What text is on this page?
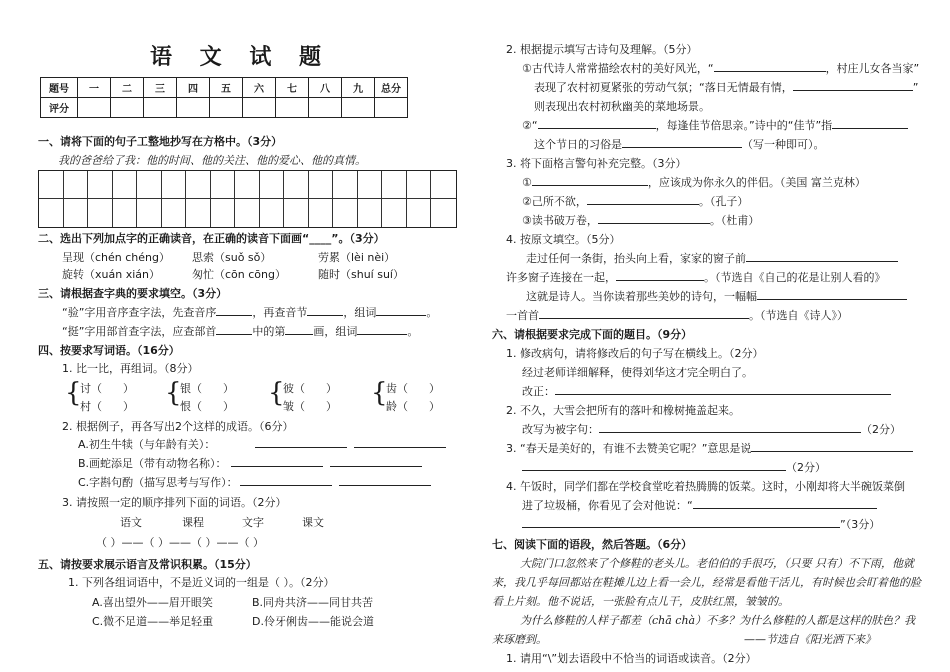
语 文 试 题
题号	一	二	三	四	五	六	七	八	九	总分
评分										
一、请将下面的句子工整地抄写在方格中。（3分）
我的爸爸给了我：他的时间、他的关注、他的爱心、他的真情。
二、选出下列加点字的正确读音，在正确的读音下面画“____”。（3分）
呈现（chén chéng） 思索（suǒ sǒ）	劳累（lèi nèi）
旋转（xuán xián）	匆忙（cōn cōng）	随时（shuí suí）
三、请根据查字典的要求填空。（3分）
“验”字用音序查字法，先查音序	，再查音节	，组词	。
“挺”字用部首查字法，应查部首	中的第	画，组词	。
四、按要求写词语。（16分）
1. 比一比，再组词。（8分）
{
讨（ ）
村（ ） {
银（ ）
恨（ ） {
彼（ ）
皱（ ） {
齿（ ）
龄（ ）
2. 根据例子，再各写出2个这样的成语。（6分）
A.初生牛犊（与年龄有关）：
B.画蛇添足（带有动物名称）：
C.字斟句酌（描写思考与写作）：
3. 请按照一定的顺序排列下面的词语。（2分）
语文	课程	文字	课文
（ ）——（ ）——（ ）——（ ）
五、请按要求展示语言及常识积累。（15分）
1. 下列各组词语中，不是近义词的一组是（ ）。（2分）
A.喜出望外——眉开眼笑	B.同舟共济——同甘共苦
C.微不足道——举足轻重	D.伶牙俐齿——能说会道
2. 根据提示填写古诗句及理解。（5分）
①古代诗人常常描绘农村的美好风光，“	，村庄儿女各当家”
表现了农村初夏紧张的劳动气氛；“落日无情最有情，	”
则表现出农村初秋幽美的菜地场景。
②“	，每逢佳节倍思亲。”诗中的“佳节”指
这个节日的习俗是	（写一种即可）。
3. 将下面格言警句补充完整。（3分）
①	，应该成为你永久的伴侣。（美国 富兰克林）
②己所不欲，	。（孔子）
③读书破万卷，	。（杜甫）
4. 按原文填空。（5分）
走过任何一条街，抬头向上看，家家的窗子前
许多窗子连接在一起，	。（节选自《自己的花是让别人看的》
这就是诗人。当你读着那些美妙的诗句，一幅幅
一首首	。（节选自《诗人》）
六、请根据要求完成下面的题目。（9分）
1. 修改病句，请将修改后的句子写在横线上。（2分）
经过老师详细解释，使得刘华这才完全明白了。
改正：
2. 不久，大雪会把所有的落叶和橡树掩盖起来。
改写为被字句：	（2分）
3. “春天是美好的，有谁不去赞美它呢？”意思是说
（2分）
4. 午饭时，同学们都在学校食堂吃着热腾腾的饭菜。这时，小刚却将大半碗饭菜倒
进了垃圾桶，你看见了会对他说：“
”（3分）
七、阅读下面的语段，然后答题。（6分）
大院门口忽然来了个修鞋的老头儿。老伯伯的手很巧，（只要 只有）不下雨，他就
来，我几乎每回都站在鞋摊儿边上看一会儿，经常是看他干活儿，有时候也会盯着他的脸
看上片刻。他不说话，一张脸有点儿干，皮肤红黑，皱皱的。
为什么修鞋的人样子都差（chā chà）不多？为什么修鞋的人都是这样的肤色？我
来琢磨到。	——节选自《阳光洒下来》
1. 请用“\”划去语段中不恰当的词语或读音。（2分）
